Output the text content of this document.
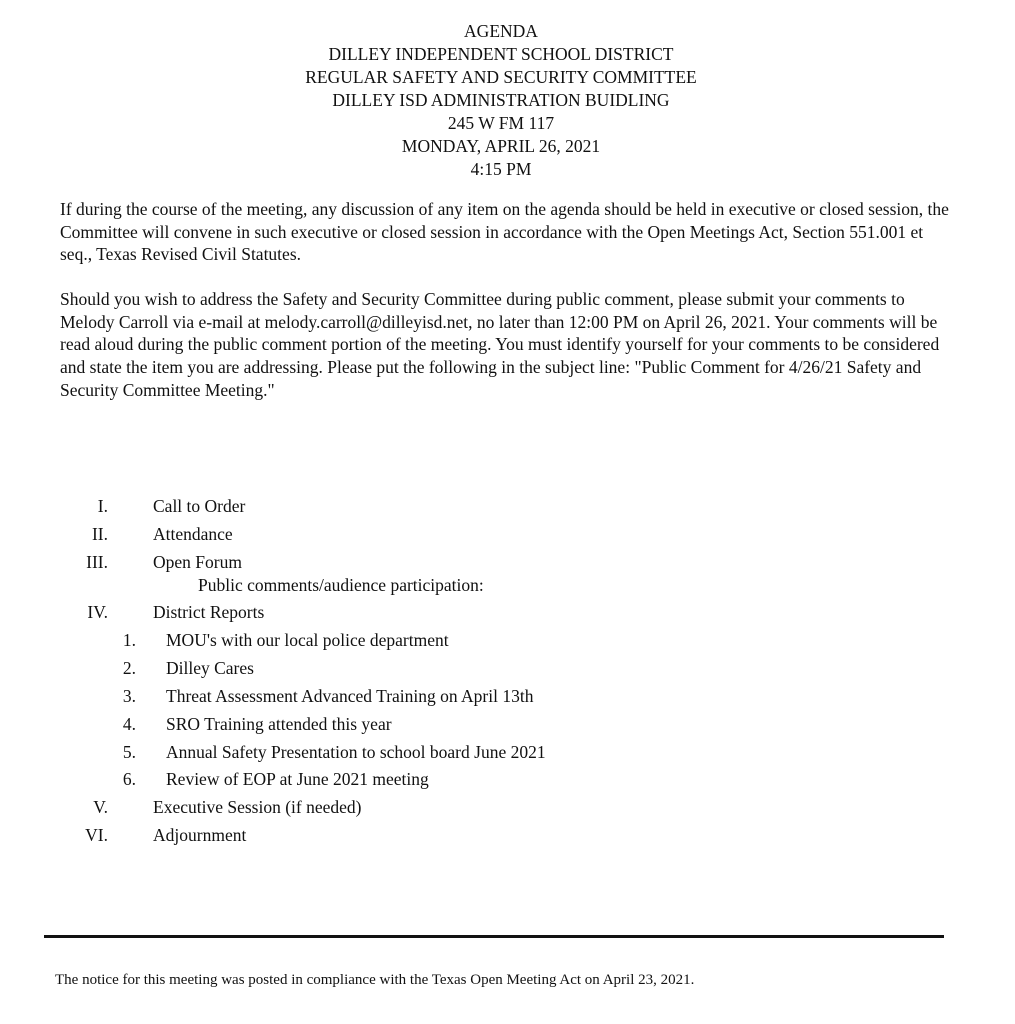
AGENDA
DILLEY INDEPENDENT SCHOOL DISTRICT
REGULAR SAFETY AND SECURITY COMMITTEE
DILLEY ISD ADMINISTRATION BUIDLING
245 W FM 117
MONDAY, APRIL 26, 2021
4:15 PM

If during the course of the meeting, any discussion of any item on the agenda should be held in executive or closed session, the Committee will convene in such executive or closed session in accordance with the Open Meetings Act, Section 551.001 et seq., Texas Revised Civil Statutes.

Should you wish to address the Safety and Security Committee during public comment, please submit your comments to Melody Carroll via e-mail at melody.carroll@dilleyisd.net, no later than 12:00 PM on April 26, 2021. Your comments will be read aloud during the public comment portion of the meeting. You must identify yourself for your comments to be considered and state the item you are addressing. Please put the following in the subject line: "Public Comment for 4/26/21 Safety and Security Committee Meeting."

I.	Call to Order
II.	Attendance
III.	Open Forum
Public comments/audience participation:
IV.	District Reports
1. MOU's with our local police department
2. Dilley Cares
3. Threat Assessment Advanced Training on April 13th
4. SRO Training attended this year
5. Annual Safety Presentation to school board June 2021
6. Review of EOP at June 2021 meeting
V.	Executive Session (if needed)
VI.	Adjournment
The notice for this meeting was posted in compliance with the Texas Open Meeting Act on April 23, 2021.
